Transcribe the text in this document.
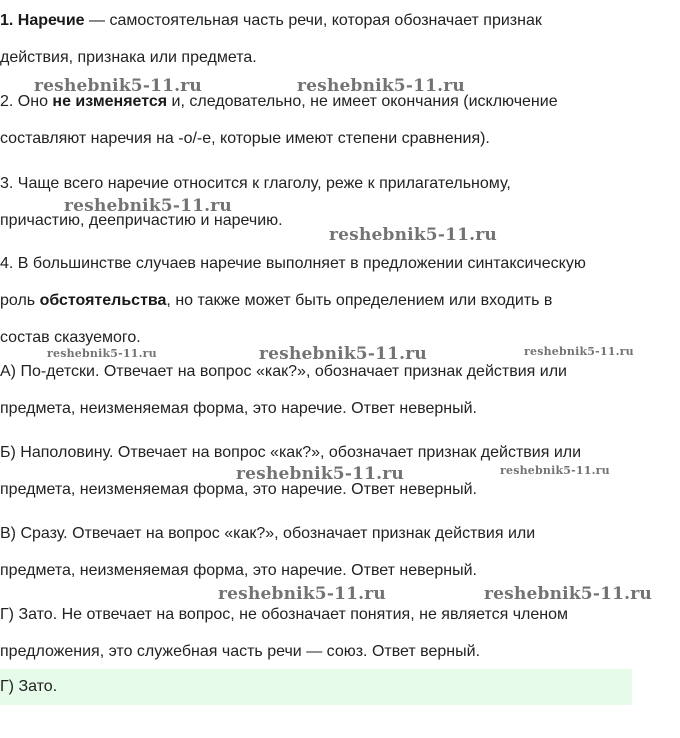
1. Наречие — самостоятельная часть речи, которая обозначает признак
действия, признака или предмета.
2. Оно не изменяется и, следовательно, не имеет окончания (исключение
составляют наречия на -о/-е, которые имеют степени сравнения).
3. Чаще всего наречие относится к глаголу, реже к прилагательному,
причастию, деепричастию и наречию.
4. В большинстве случаев наречие выполняет в предложении синтаксическую
роль обстоятельства, но также может быть определением или входить в
состав сказуемого.
А) По-детски. Отвечает на вопрос «как?», обозначает признак действия или
предмета, неизменяемая форма, это наречие. Ответ неверный.
Б) Наполовину. Отвечает на вопрос «как?», обозначает признак действия или
предмета, неизменяемая форма, это наречие. Ответ неверный.
В) Сразу. Отвечает на вопрос «как?», обозначает признак действия или
предмета, неизменяемая форма, это наречие. Ответ неверный.
Г) Зато. Не отвечает на вопрос, не обозначает понятия, не является членом
предложения, это служебная часть речи — союз. Ответ верный.
Г) Зато.
reshebnik5-11.ru	reshebnik5-11.ru
reshebnik5-11.ru
reshebnik5-11.ru
reshebnik5-11.ru	reshebnik5-11.ru	reshebnik5-11.ru
reshebnik5-11.ru	reshebnik5-11.ru
reshebnik5-11.ru	reshebnik5-11.ru
